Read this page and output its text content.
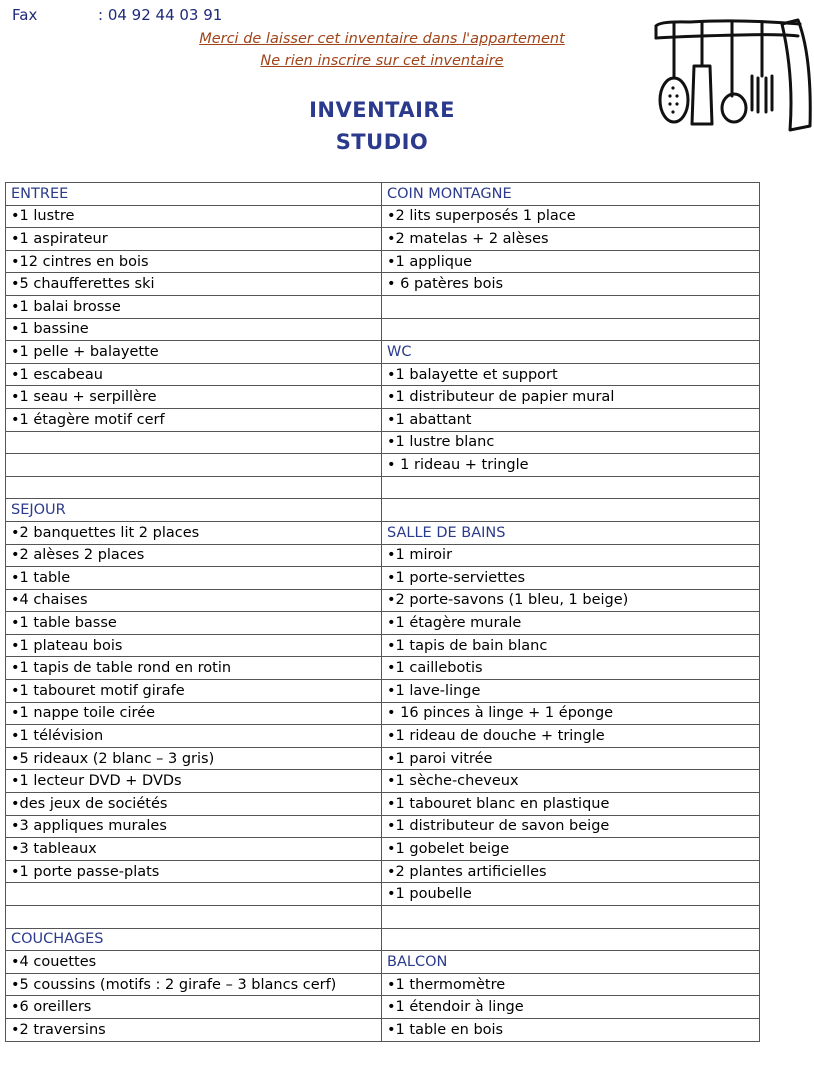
Fax	: 04 92 44 03 91
Merci de laisser cet inventaire dans l'appartement
Ne rien inscrire sur cet inventaire
INVENTAIRE
STUDIO
ENTREE	COIN MONTAGNE
•1 lustre	•2 lits superposés 1 place
•1 aspirateur	•2 matelas + 2 alèses
•12 cintres en bois	•1 applique
•5 chaufferettes ski	• 6 patères bois
•1 balai brosse	
•1 bassine	
•1 pelle + balayette	WC
•1 escabeau	•1 balayette et support
•1 seau + serpillère	•1 distributeur de papier mural
•1 étagère motif cerf	•1 abattant
	•1 lustre blanc
	• 1 rideau + tringle

SEJOUR	
•2 banquettes lit 2 places	SALLE DE BAINS
•2 alèses 2 places	•1 miroir
•1 table	•1 porte-serviettes
•4 chaises	•2 porte-savons (1 bleu, 1 beige)
•1 table basse	•1 étagère murale
•1 plateau bois	•1 tapis de bain blanc
•1 tapis de table rond en rotin	•1 caillebotis
•1 tabouret motif girafe	•1 lave-linge
•1 nappe toile cirée	• 16 pinces à linge + 1 éponge
•1 télévision	•1 rideau de douche + tringle
•5 rideaux (2 blanc – 3 gris)	•1 paroi vitrée
•1 lecteur DVD + DVDs	•1 sèche-cheveux
•des jeux de sociétés	•1 tabouret blanc en plastique
•3 appliques murales	•1 distributeur de savon beige
•3 tableaux	•1 gobelet beige
•1 porte passe-plats	•2 plantes artificielles
	•1 poubelle

COUCHAGES	
•4 couettes	BALCON
•5 coussins (motifs : 2 girafe – 3 blancs cerf)	•1 thermomètre
•6 oreillers	•1 étendoir à linge
•2 traversins	•1 table en bois
